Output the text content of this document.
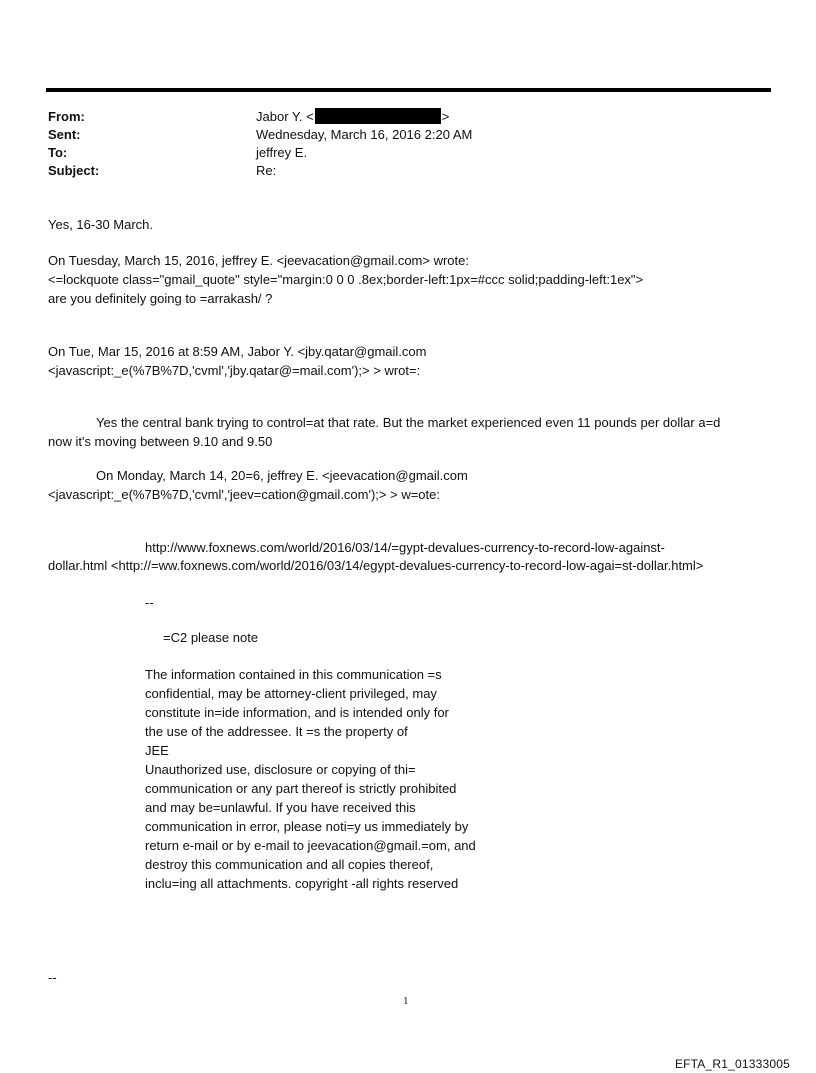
From:	Jabor Y. <	>
Sent:	Wednesday, March 16, 2016 2:20 AM
To:	jeffrey E.
Subject:	Re:
Yes, 16-30 March.
On Tuesday, March 15, 2016, jeffrey E. <jeevacation@gmail.com> wrote:
<=lockquote class="gmail_quote" style="margin:0 0 0 .8ex;border-left:1px=#ccc solid;padding-left:1ex">
are you definitely going to =arrakash/ ?
On Tue, Mar 15, 2016 at 8:59 AM, Jabor Y. <jby.qatar@gmail.com
<javascript:_e(%7B%7D,'cvml','jby.qatar@=mail.com');> > wrot=:
Yes the central bank trying to control=at that rate. But the market experienced even 11 pounds per dollar a=d
now it's moving between 9.10 and 9.50
On Monday, March 14, 20=6, jeffrey E. <jeevacation@gmail.com
<javascript:_e(%7B%7D,'cvml','jeev=cation@gmail.com');> > w=ote:
http://www.foxnews.com/world/2016/03/14/=gypt-devalues-currency-to-record-low-against-
dollar.html <http://=ww.foxnews.com/world/2016/03/14/egypt-devalues-currency-to-record-low-agai=st-dollar.html>
--
=C2 please note
The information contained in this communication =s
confidential, may be attorney-client privileged, may
constitute in=ide information, and is intended only for
the use of the addressee. It =s the property of
JEE
Unauthorized use, disclosure or copying of thi=
communication or any part thereof is strictly prohibited
and may be=unlawful. If you have received this
communication in error, please noti=y us immediately by
return e-mail or by e-mail to jeevacation@gmail.=om, and
destroy this communication and all copies thereof,
inclu=ing all attachments. copyright -all rights reserved
--
1
EFTA_R1_01333005
